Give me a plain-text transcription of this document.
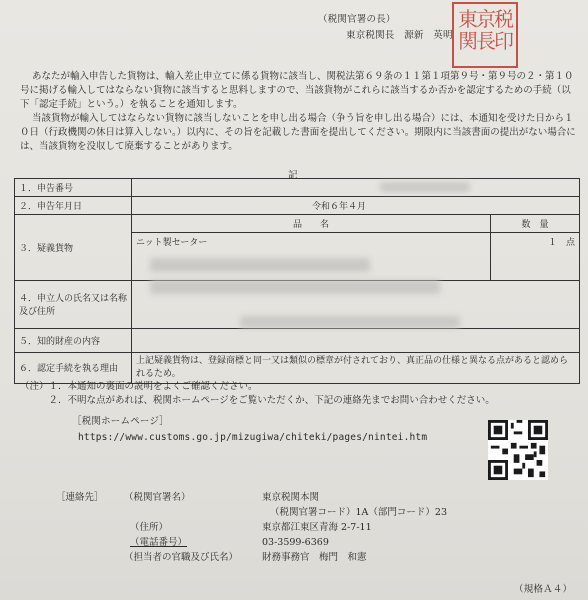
（税関官署の長）
東京税関長　源新　英明
東京税関長印

あなたが輸入申告した貨物は、輸入差止申立てに係る貨物に該当し、関税法第６９条の１１第１項第９号・第９号の２・第１０号に掲げる輸入してはならない貨物に該当すると思料しますので、当該貨物がこれらに該当するか否かを認定するための手続（以下「認定手続」という。）を執ることを通知します。

当該貨物が輸入してはならない貨物に該当しないことを申し出る場合（争う旨を申し出る場合）には、本通知を受けた日から１０日（行政機関の休日は算入しない。）以内に、その旨を記載した書面を提出してください。期限内に当該書面の提出がない場合には、当該貨物を没収して廃棄することがあります。

記
１．申告番号		
２．申告年月日	令和６年４月	
３．疑義貨物	品　　名	数　量
	ニット製セーター	１　点

４．申立人の氏名又は名称及び住所		
５．知的財産の内容		
６．認定手続を執る理由	上記疑義貨物は、登録商標と同一又は類似の標章が付されており、真正品の仕様と異なる点があると認められるため。	
（注）１．本通知の裏面の説明をよくご確認ください。
　　　２．不明な点があれば、税関ホームページをご覧いただくか、下記の連絡先までお問い合わせください。
［税関ホームページ］
https://www.customs.go.jp/mizugiwa/chiteki/pages/nintei.htm
［連絡先］ （税関官署名）	東京税関本関
（税関官署コード）1A（部門コード）23
（住所）	東京都江東区青海 2-7-11
（電話番号）	03-3599-6369
（担当者の官職及び氏名）	財務事務官　梅門　和憲
（規格Ａ４）
